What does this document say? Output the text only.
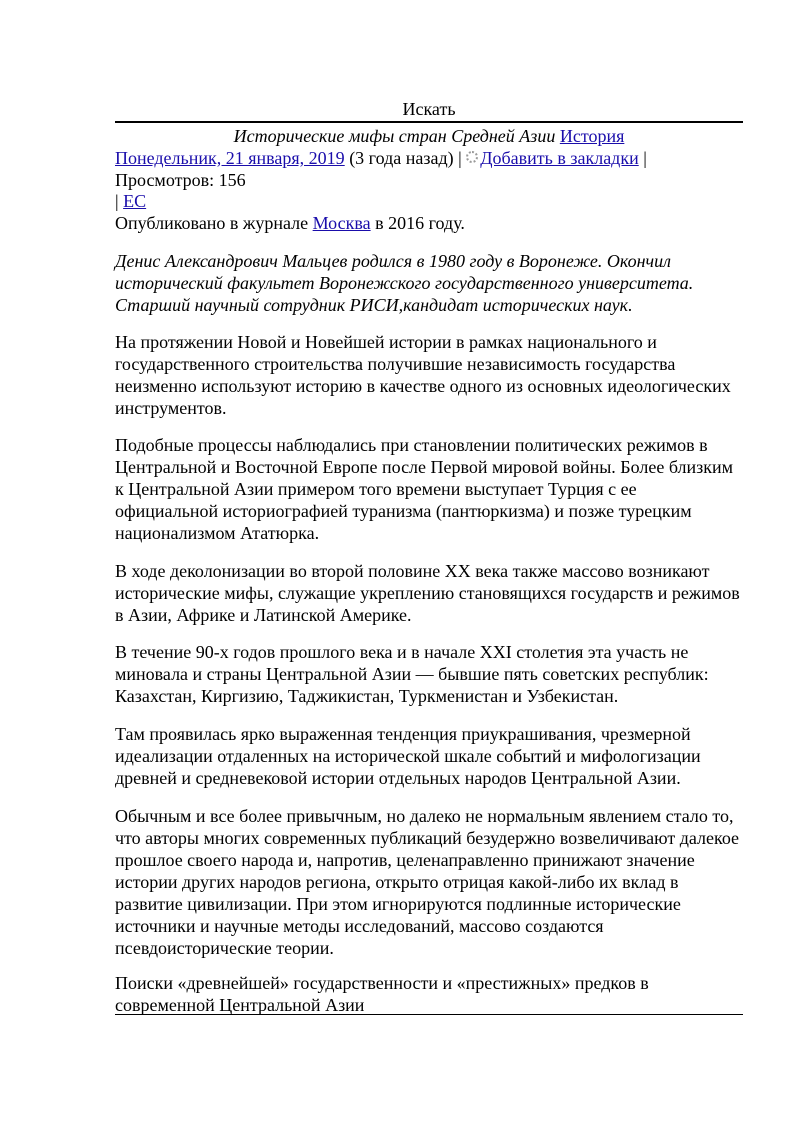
Искать
Исторические мифы стран Средней Азии История
Понедельник, 21 января, 2019 (3 года назад) | Добавить в закладки |
Просмотров: 156
| ЕС
Опубликовано в журнале Москва в 2016 году.

Денис Александрович Мальцев родился в 1980 году в Воронеже. Окончил исторический факультет Воронежского государственного университета. Старший научный сотрудник РИСИ,кандидат исторических наук.

На протяжении Новой и Новейшей истории в рамках национального и государственного строительства получившие независимость государства неизменно используют историю в качестве одного из основных идеологических инструментов.

Подобные процессы наблюдались при становлении политических режимов в Центральной и Восточной Европе после Первой мировой войны. Более близким к Центральной Азии примером того времени выступает Турция с ее официальной историографией туранизма (пантюркизма) и позже турецким национализмом Ататюрка.

В ходе деколонизации во второй половине XX века также массово возникают исторические мифы, служащие укреплению становящихся государств и режимов в Азии, Африке и Латинской Америке.

В течение 90-х годов прошлого века и в начале XXI столетия эта участь не миновала и страны Центральной Азии — бывшие пять советских республик: Казахстан, Киргизию, Таджикистан, Туркменистан и Узбекистан.

Там проявилась ярко выраженная тенденция приукрашивания, чрезмерной идеализации отдаленных на исторической шкале событий и мифологизации древней и средневековой истории отдельных народов Центральной Азии.

Обычным и все более привычным, но далеко не нормальным явлением стало то, что авторы многих современных публикаций безудержно возвеличивают далекое прошлое своего народа и, напротив, целенаправленно принижают значение истории других народов региона, открыто отрицая какой-либо их вклад в развитие цивилизации. При этом игнорируются подлинные исторические источники и научные методы исследований, массово создаются псевдоисторические теории.

Поиски «древнейшей» государственности и «престижных» предков в современной Центральной Азии
